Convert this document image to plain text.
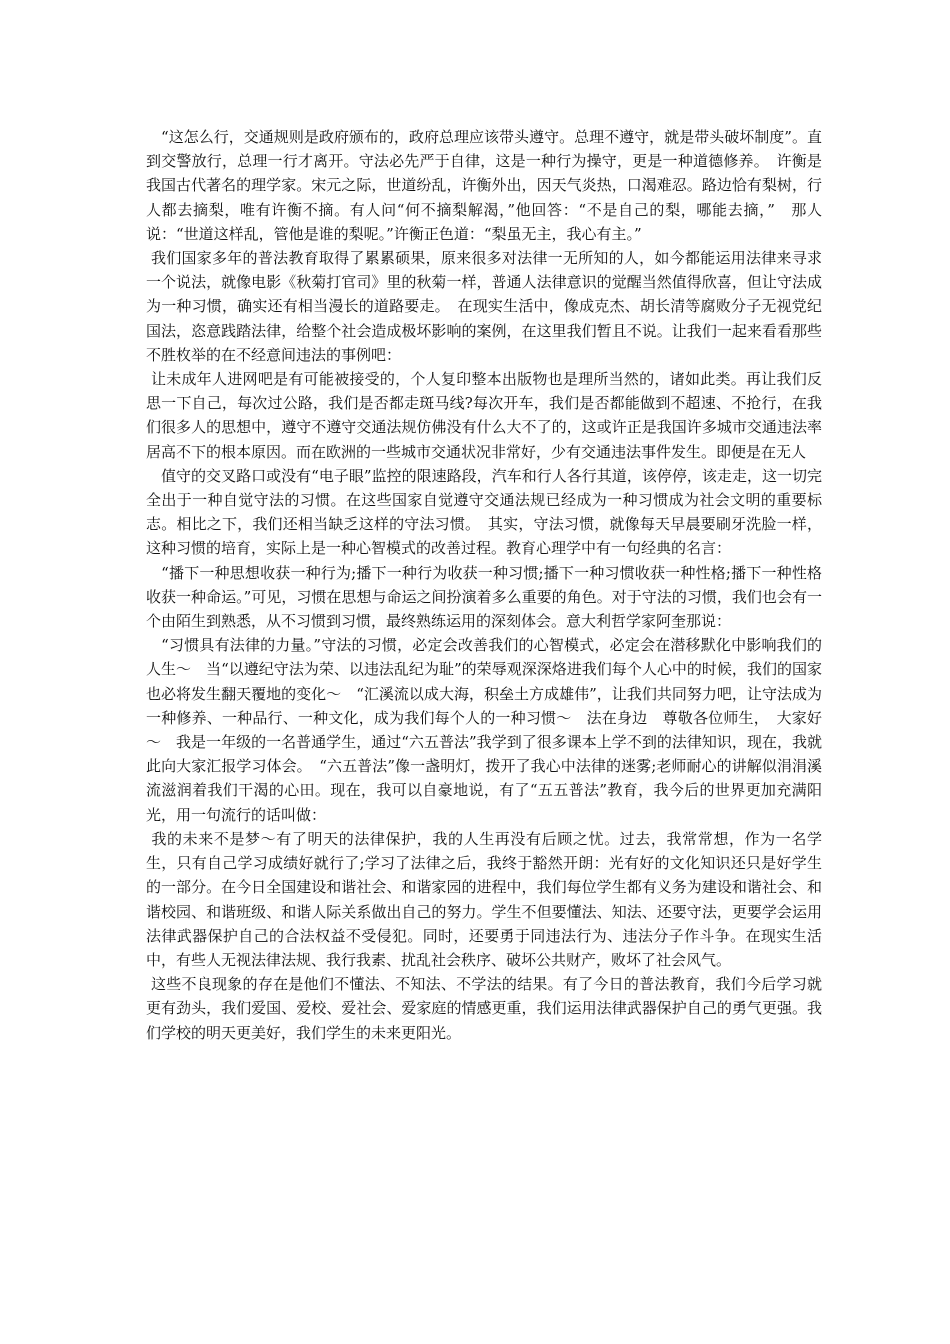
　“这怎么行，交通规则是政府颁布的，政府总理应该带头遵守。总理不遵守，就是带头破坏制度”。直到交警放行，总理一行才离开。守法必先严于自律，这是一种行为操守，更是一种道德修养。　许衡是我国古代著名的理学家。宋元之际，世道纷乱，许衡外出，因天气炎热，口渴难忍。路边恰有梨树，行人都去摘梨，唯有许衡不摘。有人问“何不摘梨解渴，”他回答：“不是自己的梨，哪能去摘，”　那人说：“世道这样乱，管他是谁的梨呢。”许衡正色道：“梨虽无主，我心有主。”

我们国家多年的普法教育取得了累累硕果，原来很多对法律一无所知的人，如今都能运用法律来寻求一个说法，就像电影《秋菊打官司》里的秋菊一样，普通人法律意识的觉醒当然值得欣喜，但让守法成为一种习惯，确实还有相当漫长的道路要走。　在现实生活中，像成克杰、胡长清等腐败分子无视党纪国法，恣意践踏法律，给整个社会造成极坏影响的案例，在这里我们暂且不说。让我们一起来看看那些不胜枚举的在不经意间违法的事例吧：

让未成年人进网吧是有可能被接受的，个人复印整本出版物也是理所当然的，诸如此类。再让我们反思一下自己，每次过公路，我们是否都走斑马线?每次开车，我们是否都能做到不超速、不抢行，在我们很多人的思想中，遵守不遵守交通法规仿佛没有什么大不了的，这或许正是我国许多城市交通违法率居高不下的根本原因。而在欧洲的一些城市交通状况非常好，少有交通违法事件发生。即便是在无人

　值守的交叉路口或没有“电子眼”监控的限速路段，汽车和行人各行其道，该停停，该走走，这一切完全出于一种自觉守法的习惯。在这些国家自觉遵守交通法规已经成为一种习惯成为社会文明的重要标志。相比之下，我们还相当缺乏这样的守法习惯。　其实，守法习惯，就像每天早晨要刷牙洗脸一样，这种习惯的培育，实际上是一种心智模式的改善过程。教育心理学中有一句经典的名言：

　“播下一种思想收获一种行为;播下一种行为收获一种习惯;播下一种习惯收获一种性格;播下一种性格收获一种命运。”可见，习惯在思想与命运之间扮演着多么重要的角色。对于守法的习惯，我们也会有一个由陌生到熟悉，从不习惯到习惯，最终熟练运用的深刻体会。意大利哲学家阿奎那说：

　“习惯具有法律的力量。”守法的习惯，必定会改善我们的心智模式，必定会在潜移默化中影响我们的人生～　当“以遵纪守法为荣、以违法乱纪为耻”的荣辱观深深烙进我们每个人心中的时候，我们的国家也必将发生翻天覆地的变化～　“汇溪流以成大海，积垒土方成雄伟”，让我们共同努力吧，让守法成为一种修养、一种品行、一种文化，成为我们每个人的一种习惯～　法在身边　尊敬各位师生，　大家好～　我是一年级的一名普通学生，通过“六五普法”我学到了很多课本上学不到的法律知识，现在，我就此向大家汇报学习体会。　“六五普法”像一盏明灯，拨开了我心中法律的迷雾;老师耐心的讲解似涓涓溪流滋润着我们干渴的心田。现在，我可以自豪地说，有了“五五普法”教育，我今后的世界更加充满阳光，用一句流行的话叫做：

我的未来不是梦～有了明天的法律保护，我的人生再没有后顾之忧。过去，我常常想，作为一名学生，只有自己学习成绩好就行了;学习了法律之后，我终于豁然开朗：光有好的文化知识还只是好学生的一部分。在今日全国建设和谐社会、和谐家园的进程中，我们每位学生都有义务为建设和谐社会、和谐校园、和谐班级、和谐人际关系做出自己的努力。学生不但要懂法、知法、还要守法，更要学会运用法律武器保护自己的合法权益不受侵犯。同时，还要勇于同违法行为、违法分子作斗争。在现实生活中，有些人无视法律法规、我行我素、扰乱社会秩序、破坏公共财产，败坏了社会风气。

这些不良现象的存在是他们不懂法、不知法、不学法的结果。有了今日的普法教育，我们今后学习就更有劲头，我们爱国、爱校、爱社会、爱家庭的情感更重，我们运用法律武器保护自己的勇气更强。我们学校的明天更美好，我们学生的未来更阳光。
